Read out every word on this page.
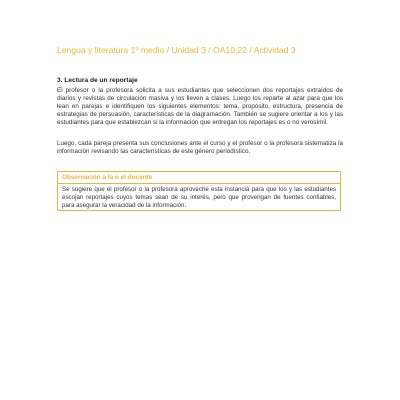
Lengua y literatura 1º medio / Unidad 3 / OA10;22 / Actividad 3
3. Lectura de un reportaje

El profesor o la profesora solicita a sus estudiantes que seleccionen dos reportajes extraídos de diarios y revistas de circulación masiva y los lleven a clases. Luego los reparte al azar para que los lean en parejas e identifiquen los siguientes elementos: tema, propósito, estructura, presencia de estrategias de persuasión, características de la diagramación. También se sugiere orientar a los y las estudiantes para que establezcan si la información que entregan los reportajes es o no verosímil.

Luego, cada pareja presenta sus conclusiones ante el curso y el profesor o la profesora sistematiza la información revisando las características de este género periodístico.

Observación a la o el docente

Se sugiere que el profesor o la profesora aproveche esta instancia para que los y las estudiantes escojan reportajes cuyos temas sean de su interés, pero que provengan de fuentes confiables, para asegurar la veracidad de la información.
